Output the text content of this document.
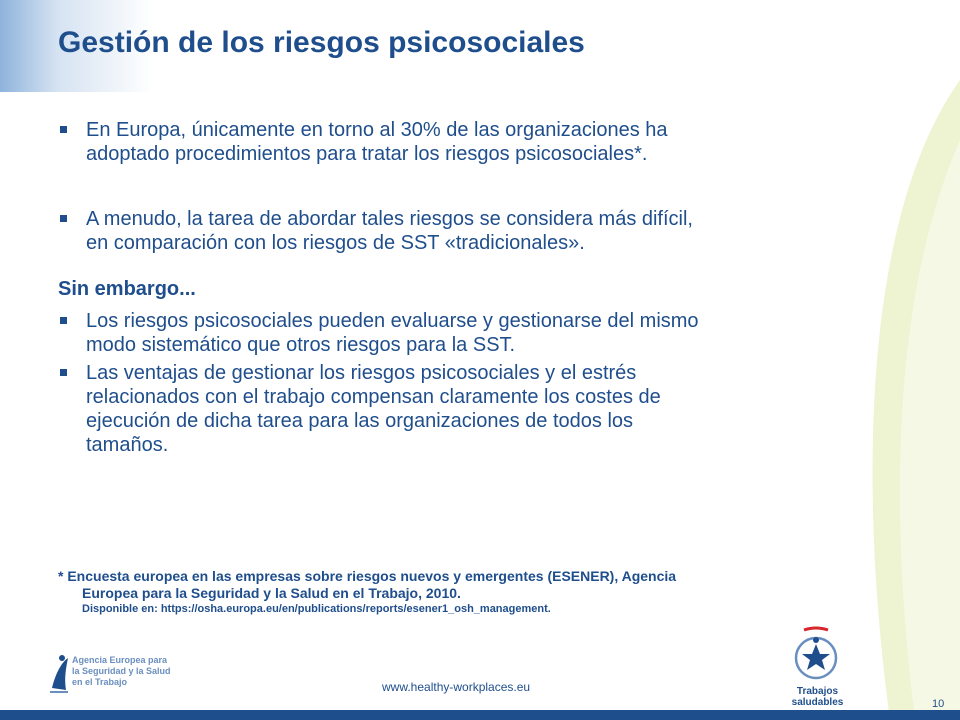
Gestión de los riesgos psicosociales
En Europa, únicamente en torno al 30% de las organizaciones ha
adoptado procedimientos para tratar los riesgos psicosociales*.
A menudo, la tarea de abordar tales riesgos se considera más difícil,
en comparación con los riesgos de SST «tradicionales».
Sin embargo...
Los riesgos psicosociales pueden evaluarse y gestionarse del mismo
modo sistemático que otros riesgos para la SST.
Las ventajas de gestionar los riesgos psicosociales y el estrés
relacionados con el trabajo compensan claramente los costes de
ejecución de dicha tarea para las organizaciones de todos los
tamaños.
* Encuesta europea en las empresas sobre riesgos nuevos y emergentes (ESENER), Agencia
Europea para la Seguridad y la Salud en el Trabajo, 2010.
Disponible en: https://osha.europa.eu/en/publications/reports/esener1_osh_management.
Agencia Europea para
la Seguridad y la Salud
en el Trabajo	www.healthy-workplaces.eu	Trabajos saludables	10
